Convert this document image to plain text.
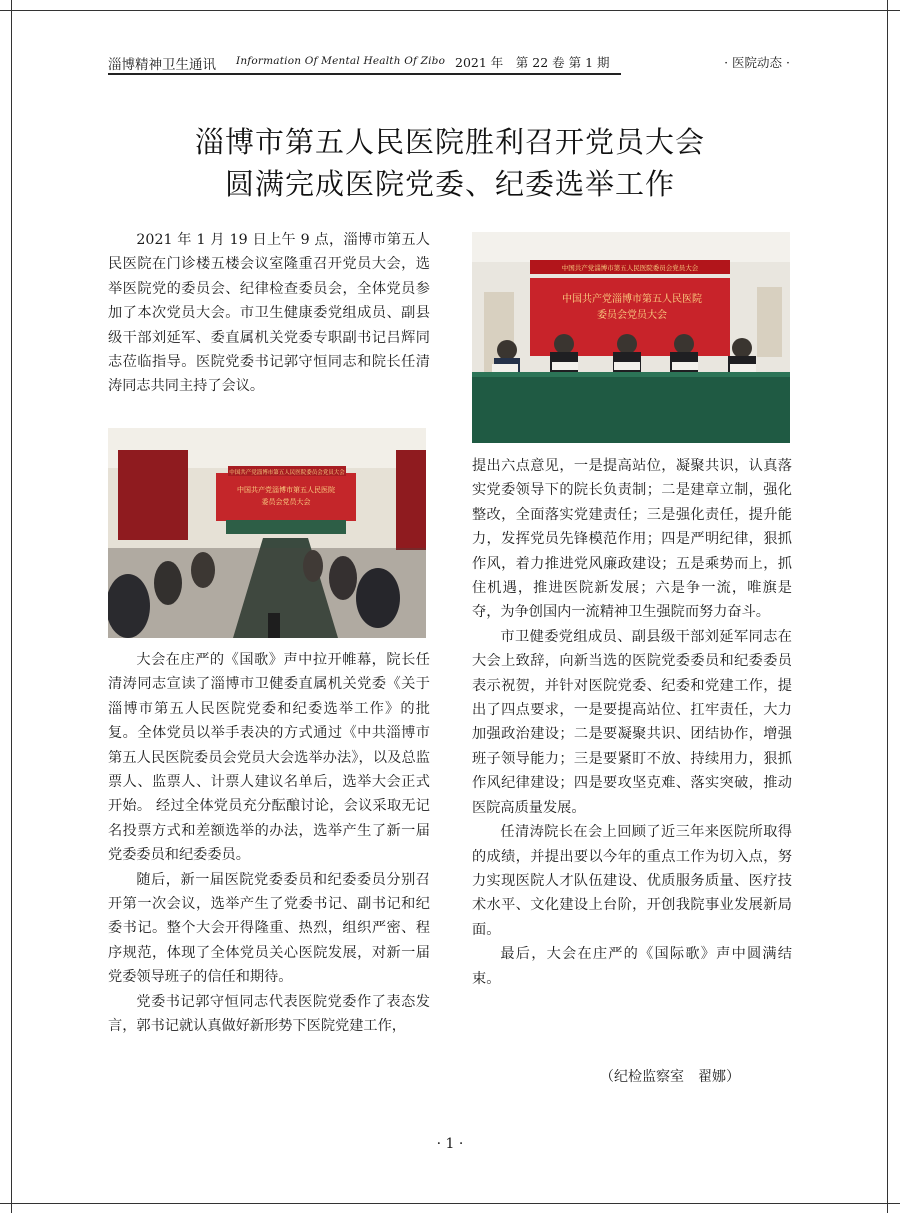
淄博精神卫生通讯 Information Of Mental Health Of Zibo 2021 年　第 22 卷 第 1 期	· 医院动态 ·
淄博市第五人民医院胜利召开党员大会
圆满完成医院党委、纪委选举工作

2021 年 1 月 19 日上午 9 点，淄博市第五人民医院在门诊楼五楼会议室隆重召开党员大会，选举医院党的委员会、纪律检查委员会，全体党员参加了本次党员大会。市卫生健康委党组成员、副县级干部刘延军、委直属机关党委专职副书记吕辉同志莅临指导。医院党委书记郭守恒同志和院长任清涛同志共同主持了会议。

中国共产党淄博市第五人民医院委员会党员大会
中国共产党淄博市第五人民医院
委员会党员大会

大会在庄严的《国歌》声中拉开帷幕，院长任清涛同志宣读了淄博市卫健委直属机关党委《关于淄博市第五人民医院党委和纪委选举工作》的批复。全体党员以举手表决的方式通过《中共淄博市第五人民医院委员会党员大会选举办法》，以及总监票人、监票人、计票人建议名单后，选举大会正式开始。 经过全体党员充分酝酿讨论，会议采取无记名投票方式和差额选举的办法，选举产生了新一届党委委员和纪委委员。

随后，新一届医院党委委员和纪委委员分别召开第一次会议，选举产生了党委书记、副书记和纪委书记。整个大会开得隆重、热烈，组织严密、程序规范，体现了全体党员关心医院发展，对新一届党委领导班子的信任和期待。

党委书记郭守恒同志代表医院党委作了表态发言，郭书记就认真做好新形势下医院党建工作，

中国共产党淄博市第五人民医院委员会党员大会
中国共产党淄博市第五人民医院
委员会党员大会

提出六点意见，一是提高站位，凝聚共识，认真落实党委领导下的院长负责制；二是建章立制，强化整改，全面落实党建责任；三是强化责任，提升能力，发挥党员先锋模范作用；四是严明纪律，狠抓作风，着力推进党风廉政建设；五是乘势而上，抓住机遇，推进医院新发展；六是争一流，唯旗是夺，为争创国内一流精神卫生强院而努力奋斗。

市卫健委党组成员、副县级干部刘延军同志在大会上致辞，向新当选的医院党委委员和纪委委员表示祝贺，并针对医院党委、纪委和党建工作，提出了四点要求，一是要提高站位、扛牢责任，大力加强政治建设；二是要凝聚共识、团结协作，增强班子领导能力；三是要紧盯不放、持续用力，狠抓作风纪律建设；四是要攻坚克难、落实突破，推动医院高质量发展。

任清涛院长在会上回顾了近三年来医院所取得的成绩，并提出要以今年的重点工作为切入点，努力实现医院人才队伍建设、优质服务质量、医疗技术水平、文化建设上台阶，开创我院事业发展新局面。

最后，大会在庄严的《国际歌》声中圆满结束。

（纪检监察室　翟娜）
· 1 ·
